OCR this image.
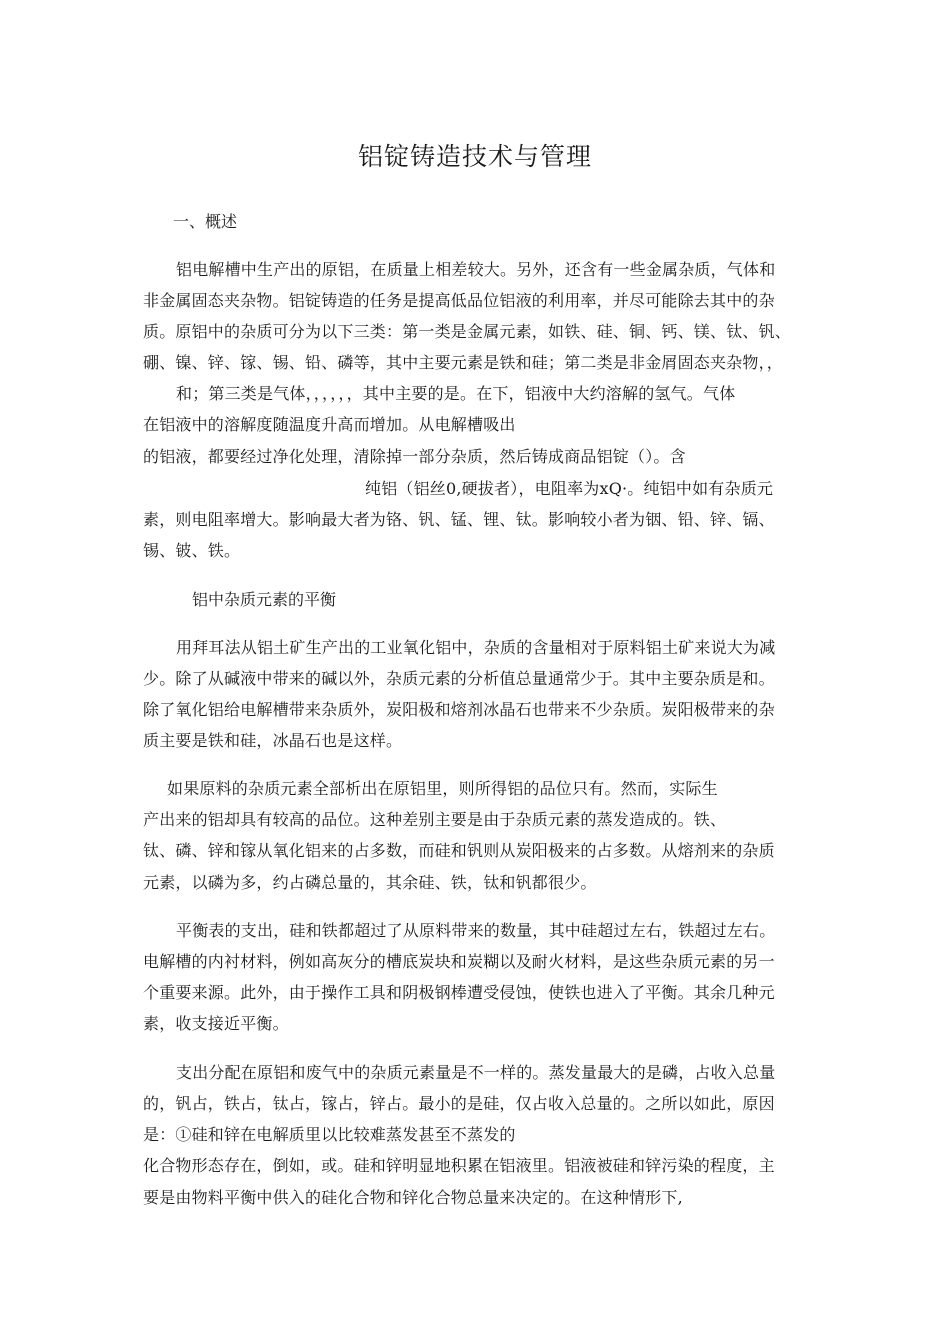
铝锭铸造技术与管理
一、概述
铝电解槽中生产出的原铝，在质量上相差较大。另外，还含有一些金属杂质，气体和
非金属固态夹杂物。铝锭铸造的任务是提高低品位铝液的利用率，并尽可能除去其中的杂
质。原铝中的杂质可分为以下三类：第一类是金属元素，如铁、硅、铜、钙、镁、钛、钒、
硼、镍、锌、镓、锡、铅、磷等，其中主要元素是铁和硅；第二类是非金屑固态夹杂物，，
和；第三类是气体，，，，，，其中主要的是。在下，铝液中大约溶解的氢气。气体
在铝液中的溶解度随温度升高而增加。从电解槽吸出
的铝液，都要经过净化处理，清除掉一部分杂质，然后铸成商品铝锭（）。含
纯铝（铝丝0,硬拔者），电阻率为xQ·。纯铝中如有杂质元
素，则电阻率增大。影响最大者为铬、钒、锰、锂、钛。影响较小者为铟、铅、锌、镉、
锡、铍、铁。
铝中杂质元素的平衡
用拜耳法从铝土矿生产出的工业氧化铝中，杂质的含量相对于原料铝土矿来说大为减
少。除了从碱液中带来的碱以外，杂质元素的分析值总量通常少于。其中主要杂质是和。
除了氧化铝给电解槽带来杂质外，炭阳极和熔剂冰晶石也带来不少杂质。炭阳极带来的杂
质主要是铁和硅，冰晶石也是这样。
如果原料的杂质元素全部析出在原铝里，则所得铝的品位只有。然而，实际生
产出来的铝却具有较高的品位。这种差别主要是由于杂质元素的蒸发造成的。铁、
钛、磷、锌和镓从氧化铝来的占多数，而硅和钒则从炭阳极来的占多数。从熔剂来的杂质
元素，以磷为多，约占磷总量的，其余硅、铁，钛和钒都很少。
平衡表的支出，硅和铁都超过了从原料带来的数量，其中硅超过左右，铁超过左右。
电解槽的内衬材料，例如高灰分的槽底炭块和炭糊以及耐火材料，是这些杂质元素的另一
个重要来源。此外，由于操作工具和阴极钢棒遭受侵蚀，使铁也进入了平衡。其余几种元
素，收支接近平衡。
支出分配在原铝和废气中的杂质元素量是不一样的。蒸发量最大的是磷，占收入总量
的，钒占，铁占，钛占，镓占，锌占。最小的是硅，仅占收入总量的。之所以如此，原因
是：①硅和锌在电解质里以比较难蒸发甚至不蒸发的
化合物形态存在，倒如，或。硅和锌明显地积累在铝液里。铝液被硅和锌污染的程度，主
要是由物料平衡中供入的硅化合物和锌化合物总量来决定的。在这种情形下,
